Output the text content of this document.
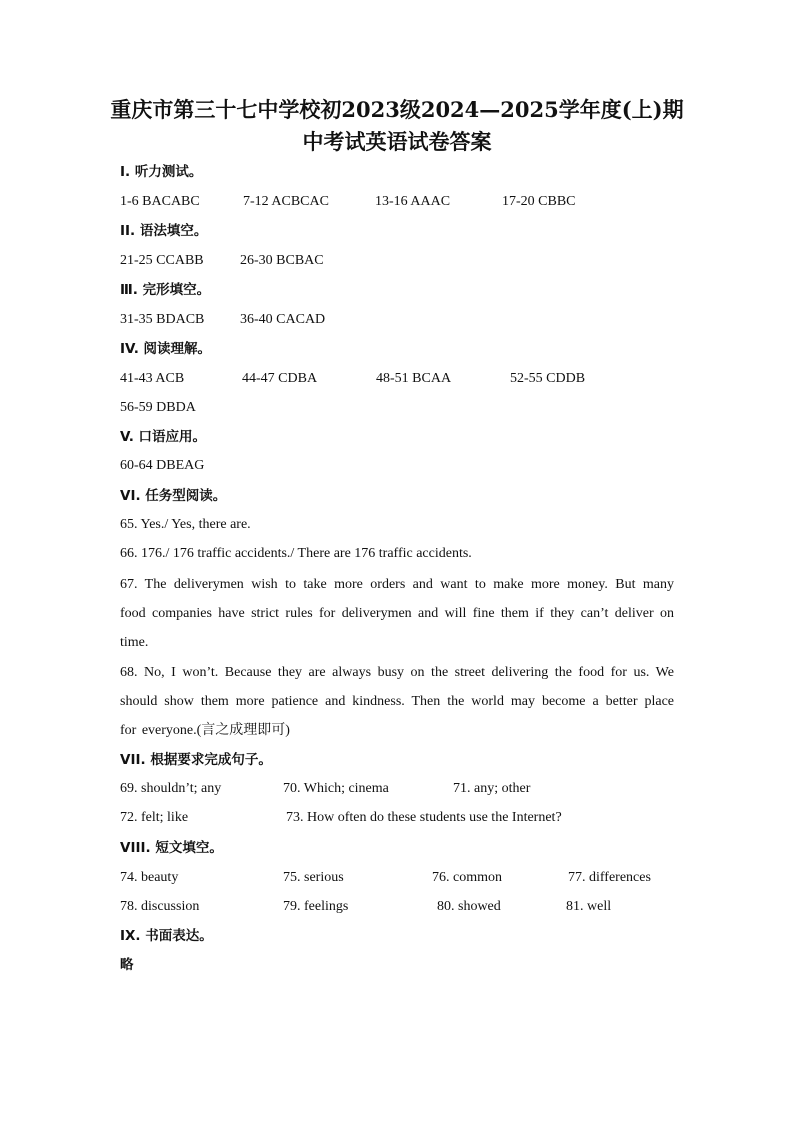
重庆市第三十七中学校初2023级2024—2025学年度(上)期
中考试英语试卷答案
I. 听力测试。
1-6 BACABC	7-12 ACBCAC	13-16 AAAC	17-20 CBBC
II. 语法填空。
21-25 CCABB	26-30 BCBAC
Ⅲ. 完形填空。
31-35 BDACB	36-40 CACAD
IV. 阅读理解。
41-43 ACB	44-47 CDBA	48-51 BCAA	52-55 CDDB
56-59 DBDA
V. 口语应用。
60-64 DBEAG
VI. 任务型阅读。
65. Yes./ Yes, there are.
66. 176./ 176 traffic accidents./ There are 176 traffic accidents.
67. The deliverymen wish to take more orders and want to make more money. But many food companies have strict rules for deliverymen and will fine them if they can’t deliver on time.
68. No, I won’t. Because they are always busy on the street delivering the food for us. We should show them more patience and kindness. Then the world may become a better place for everyone.(言之成理即可)
VII. 根据要求完成句子。
69. shouldn’t; any	70. Which; cinema	71. any; other
72. felt; like	73. How often do these students use the Internet?
VIII. 短文填空。
74. beauty	75. serious	76. common	77. differences
78. discussion	79. feelings	80. showed	81. well
IX. 书面表达。
略
